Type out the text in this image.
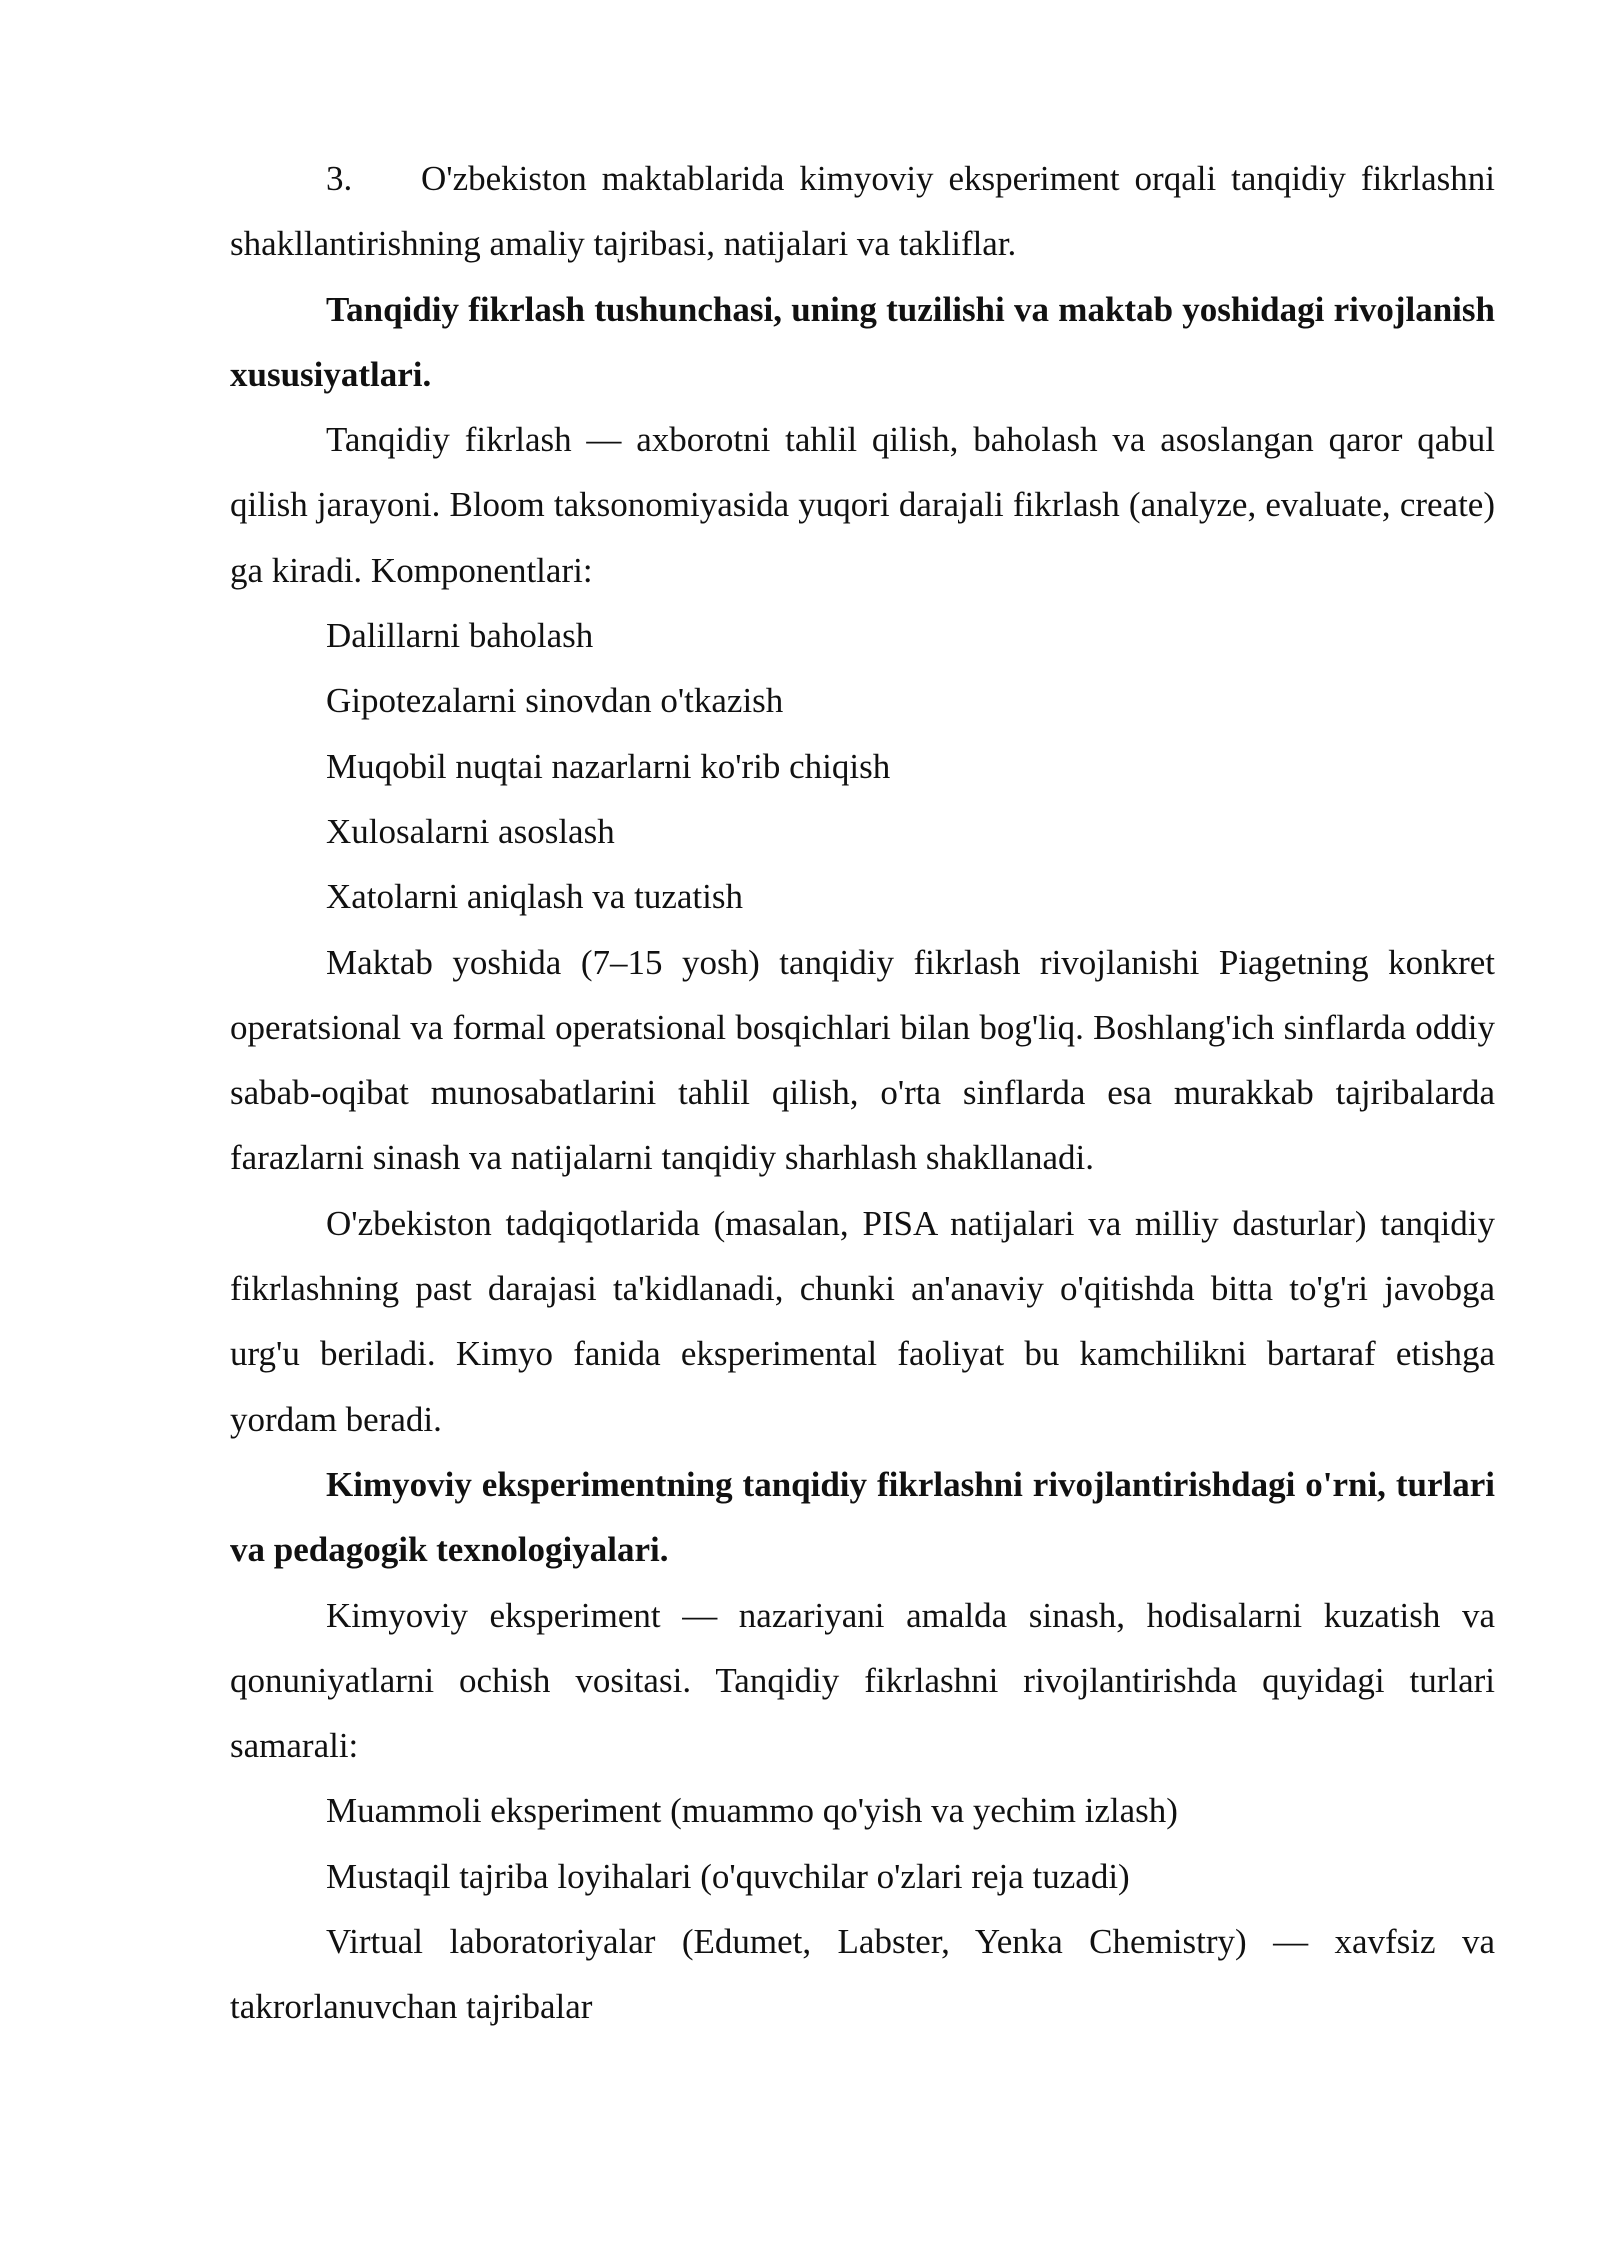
3. O'zbekiston maktablarida kimyoviy eksperiment orqali tanqidiy fikrlashni shakllantirishning amaliy tajribasi, natijalari va takliflar.

Tanqidiy fikrlash tushunchasi, uning tuzilishi va maktab yoshidagi rivojlanish xususiyatlari.

Tanqidiy fikrlash — axborotni tahlil qilish, baholash va asoslangan qaror qabul qilish jarayoni. Bloom taksonomiyasida yuqori darajali fikrlash (analyze, evaluate, create) ga kiradi. Komponentlari:

Dalillarni baholash

Gipotezalarni sinovdan o'tkazish

Muqobil nuqtai nazarlarni ko'rib chiqish

Xulosalarni asoslash

Xatolarni aniqlash va tuzatish

Maktab yoshida (7–15 yosh) tanqidiy fikrlash rivojlanishi Piagetning konkret operatsional va formal operatsional bosqichlari bilan bog'liq. Boshlang'ich sinflarda oddiy sabab-oqibat munosabatlarini tahlil qilish, o'rta sinflarda esa murakkab tajribalarda farazlarni sinash va natijalarni tanqidiy sharhlash shakllanadi.

O'zbekiston tadqiqotlarida (masalan, PISA natijalari va milliy dasturlar) tanqidiy fikrlashning past darajasi ta'kidlanadi, chunki an'anaviy o'qitishda bitta to'g'ri javobga urg'u beriladi. Kimyo fanida eksperimental faoliyat bu kamchilikni bartaraf etishga yordam beradi.

Kimyoviy eksperimentning tanqidiy fikrlashni rivojlantirishdagi o'rni, turlari va pedagogik texnologiyalari.

Kimyoviy eksperiment — nazariyani amalda sinash, hodisalarni kuzatish va qonuniyatlarni ochish vositasi. Tanqidiy fikrlashni rivojlantirishda quyidagi turlari samarali:

Muammoli eksperiment (muammo qo'yish va yechim izlash)

Mustaqil tajriba loyihalari (o'quvchilar o'zlari reja tuzadi)

Virtual laboratoriyalar (Edumet, Labster, Yenka Chemistry) — xavfsiz va takrorlanuvchan tajribalar
